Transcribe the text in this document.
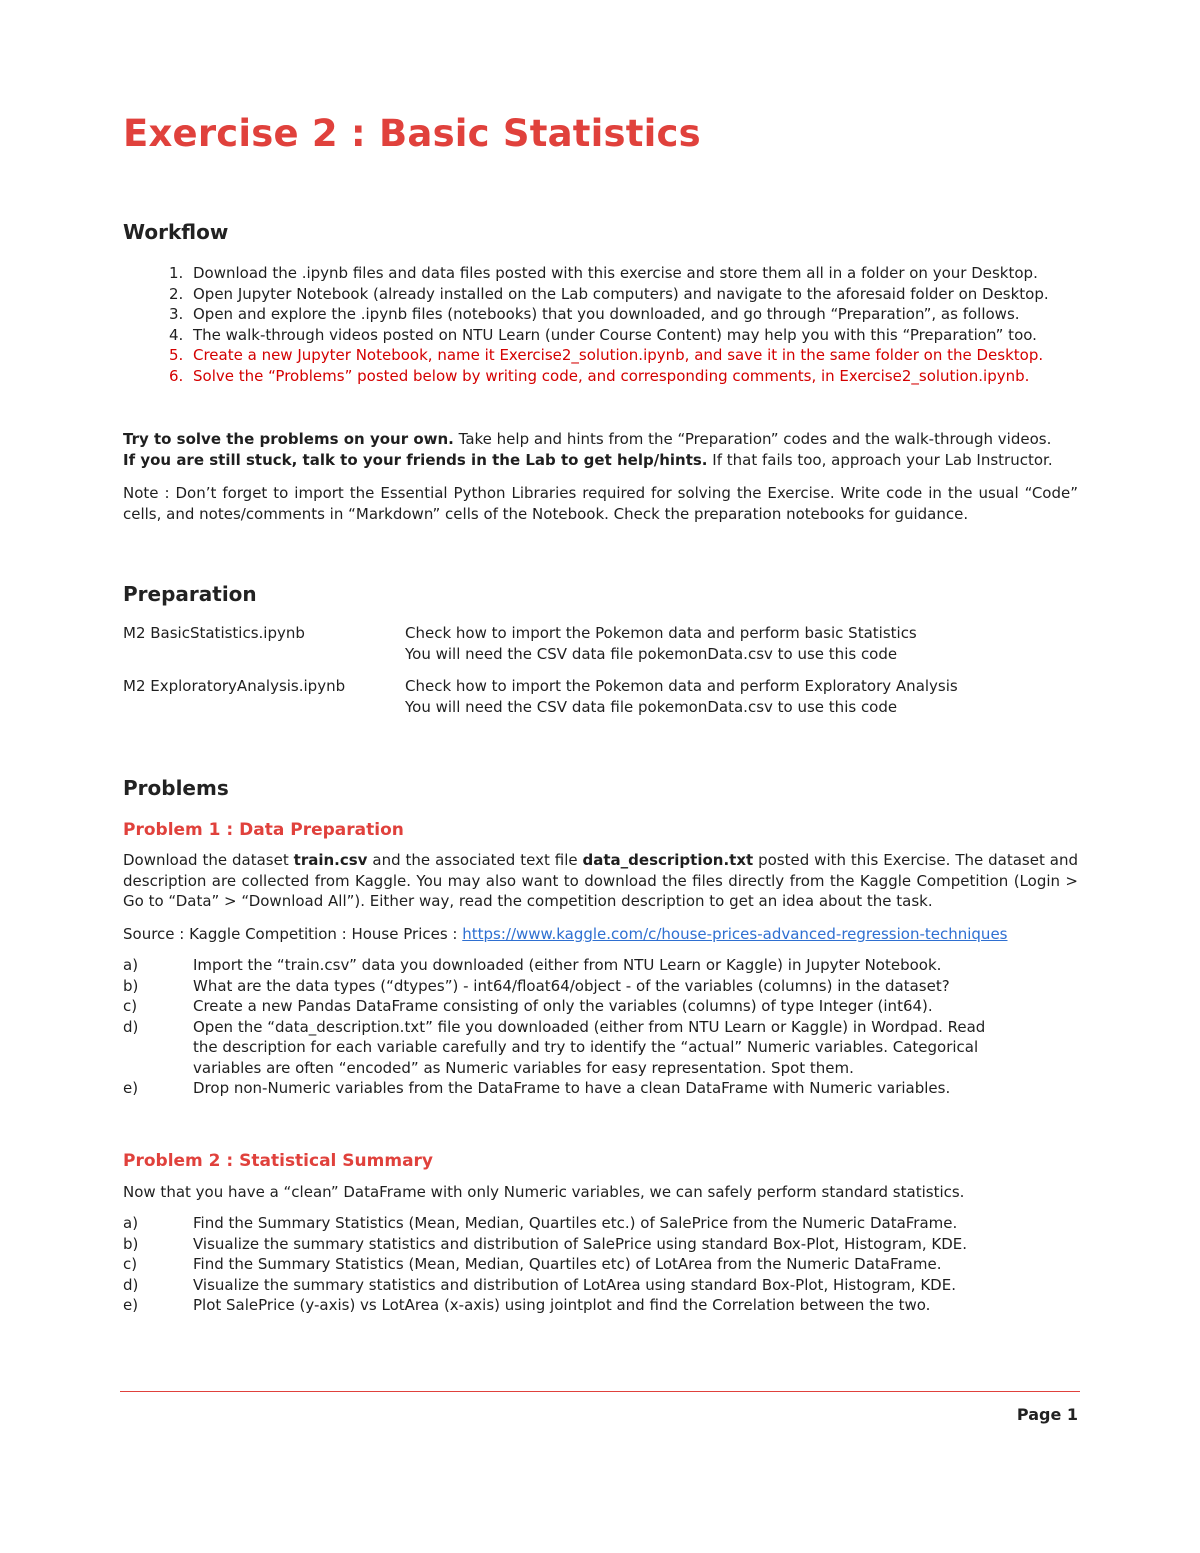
Exercise 2 : Basic Statistics
Workflow
1. Download the .ipynb files and data files posted with this exercise and store them all in a folder on your Desktop.
2. Open Jupyter Notebook (already installed on the Lab computers) and navigate to the aforesaid folder on Desktop.
3. Open and explore the .ipynb files (notebooks) that you downloaded, and go through “Preparation”, as follows.
4. The walk-through videos posted on NTU Learn (under Course Content) may help you with this “Preparation” too.
5. Create a new Jupyter Notebook, name it Exercise2_solution.ipynb, and save it in the same folder on the Desktop.
6. Solve the “Problems” posted below by writing code, and corresponding comments, in Exercise2_solution.ipynb.
Try to solve the problems on your own. Take help and hints from the “Preparation” codes and the walk-through videos.
If you are still stuck, talk to your friends in the Lab to get help/hints. If that fails too, approach your Lab Instructor.
Note : Don’t forget to import the Essential Python Libraries required for solving the Exercise. Write code in the usual “Code” cells, and notes/comments in “Markdown” cells of the Notebook. Check the preparation notebooks for guidance.
Preparation
M2 BasicStatistics.ipynb	Check how to import the Pokemon data and perform basic Statistics
You will need the CSV data file pokemonData.csv to use this code
M2 ExploratoryAnalysis.ipynb	Check how to import the Pokemon data and perform Exploratory Analysis
You will need the CSV data file pokemonData.csv to use this code
Problems
Problem 1 : Data Preparation
Download the dataset train.csv and the associated text file data_description.txt posted with this Exercise. The dataset and description are collected from Kaggle. You may also want to download the files directly from the Kaggle Competition (Login > Go to “Data” > “Download All”). Either way, read the competition description to get an idea about the task.
Source : Kaggle Competition : House Prices : https://www.kaggle.com/c/house-prices-advanced-regression-techniques
a)	Import the “train.csv” data you downloaded (either from NTU Learn or Kaggle) in Jupyter Notebook.
b)	What are the data types (“dtypes”) - int64/float64/object - of the variables (columns) in the dataset?
c)	Create a new Pandas DataFrame consisting of only the variables (columns) of type Integer (int64).
d)	Open the “data_description.txt” file you downloaded (either from NTU Learn or Kaggle) in Wordpad. Read the description for each variable carefully and try to identify the “actual” Numeric variables. Categorical variables are often “encoded” as Numeric variables for easy representation. Spot them.
e)	Drop non-Numeric variables from the DataFrame to have a clean DataFrame with Numeric variables.
Problem 2 : Statistical Summary
Now that you have a “clean” DataFrame with only Numeric variables, we can safely perform standard statistics.
a)	Find the Summary Statistics (Mean, Median, Quartiles etc.) of SalePrice from the Numeric DataFrame.
b)	Visualize the summary statistics and distribution of SalePrice using standard Box-Plot, Histogram, KDE.
c)	Find the Summary Statistics (Mean, Median, Quartiles etc) of LotArea from the Numeric DataFrame.
d)	Visualize the summary statistics and distribution of LotArea using standard Box-Plot, Histogram, KDE.
e)	Plot SalePrice (y-axis) vs LotArea (x-axis) using jointplot and find the Correlation between the two.
Page 1
